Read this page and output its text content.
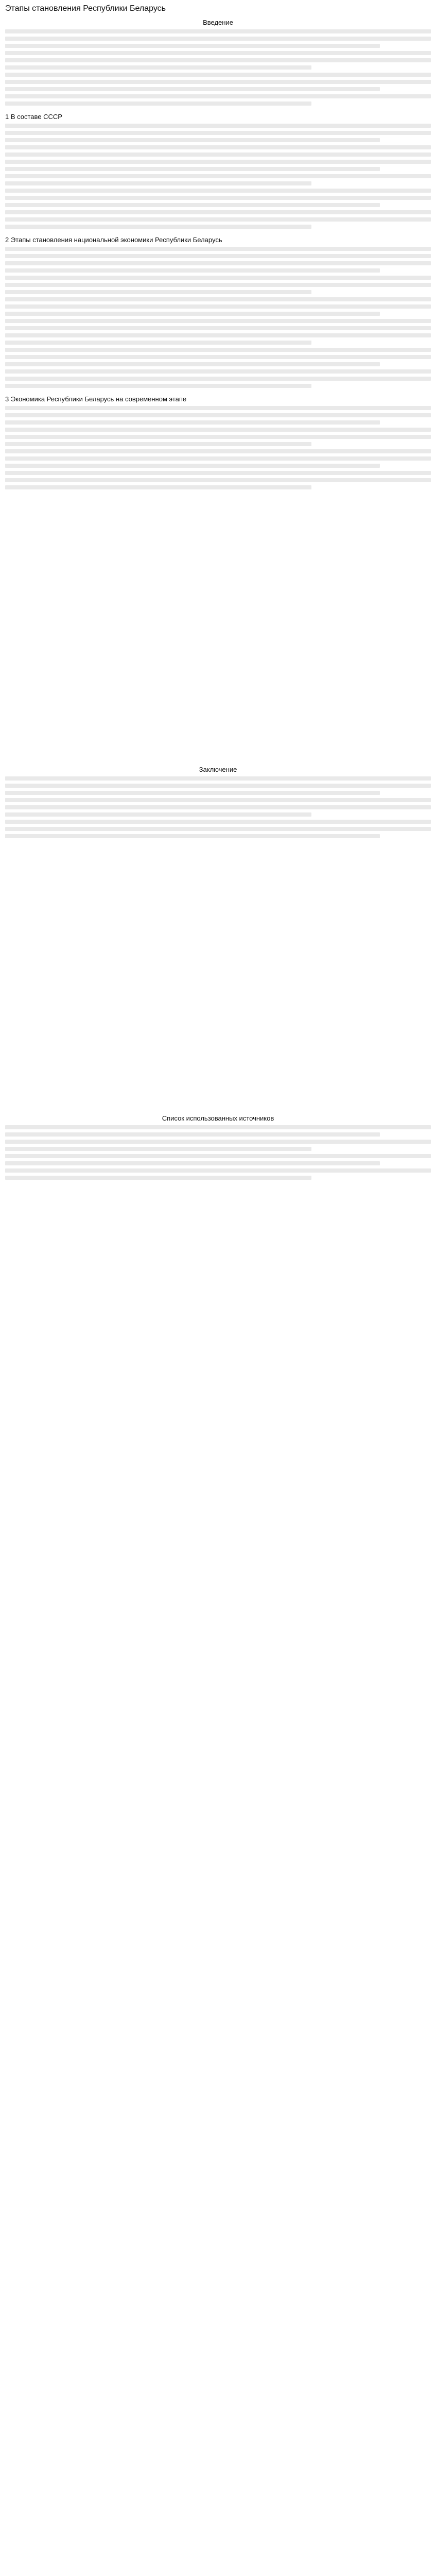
Этапы становления Республики Беларусь
Введение
1 В составе СССР
2 Этапы становления национальной экономики Республики Беларусь
3 Экономика Республики Беларусь на современном этапе
Заключение
Список использованных источников
